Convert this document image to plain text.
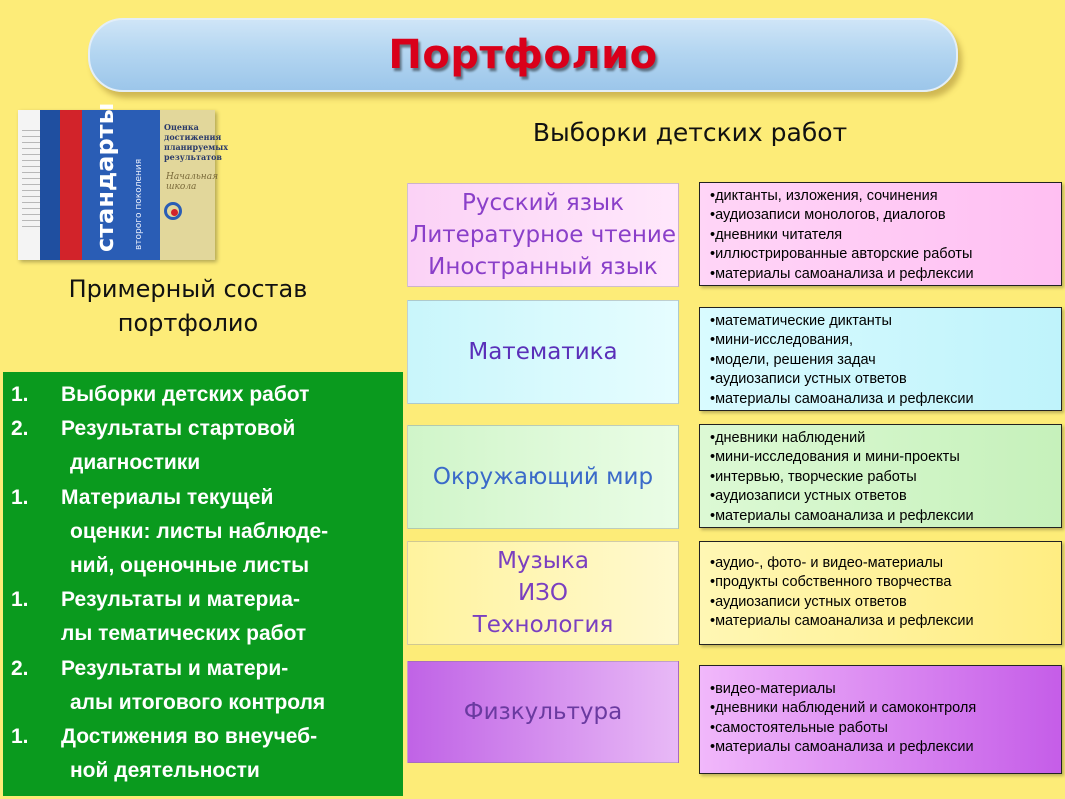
Портфолио
стандарты второго поколения
Оценка
достижения
планируемых
результатов
Начальная
школа
Примерный состав
портфолио
1. Выборки детских работ
2. Результаты стартовой
диагностики
1. Материалы текущей
оценки: листы наблюде-
ний, оценочные листы
1. Результаты и материа-
лы тематических работ
2. Результаты и матери-
алы итогового контроля
1. Достижения во внеучеб-
ной деятельности
Выборки детских работ
Русский язык
Литературное чтение
Иностранный язык
•диктанты, изложения, сочинения
•аудиозаписи монологов, диалогов
•дневники читателя
•иллюстрированные авторские работы
•материалы самоанализа и рефлексии
Математика
•математические диктанты
•мини-исследования,
•модели, решения задач
•аудиозаписи устных ответов
•материалы самоанализа и рефлексии
Окружающий мир
•дневники наблюдений
•мини-исследования и мини-проекты
•интервью, творческие работы
•аудиозаписи устных ответов
•материалы самоанализа и рефлексии
Музыка
ИЗО
Технология
•аудио-, фото- и видео-материалы
•продукты собственного творчества
•аудиозаписи устных ответов
•материалы самоанализа и рефлексии
Физкультура
•видео-материалы
•дневники наблюдений и самоконтроля
•самостоятельные работы
•материалы самоанализа и рефлексии
